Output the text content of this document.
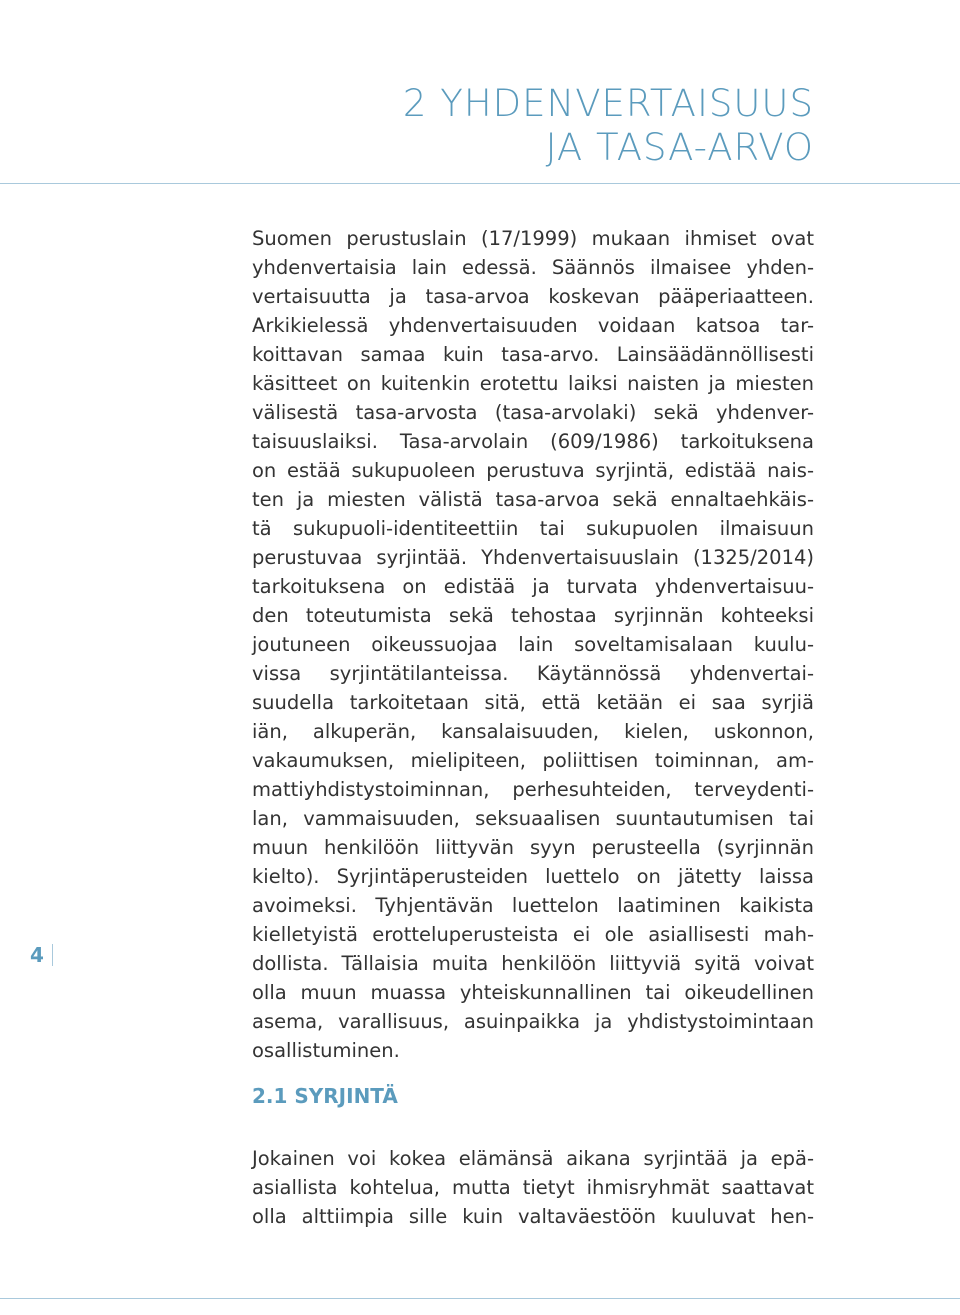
2 YHDENVERTAISUUS
JA TASA-ARVO
Suomen perustuslain (17/1999) mukaan ihmiset ovat
yhdenvertaisia lain edessä. Säännös ilmaisee yhden-
vertaisuutta ja tasa-arvoa koskevan pääperiaatteen.
Arkikielessä yhdenvertaisuuden voidaan katsoa tar-
koittavan samaa kuin tasa-arvo. Lainsäädännöllisesti
käsitteet on kuitenkin erotettu laiksi naisten ja miesten
välisestä tasa-arvosta (tasa-arvolaki) sekä yhdenver-
taisuuslaiksi. Tasa-arvolain (609/1986) tarkoituksena
on estää sukupuoleen perustuva syrjintä, edistää nais-
ten ja miesten välistä tasa-arvoa sekä ennaltaehkäis-
tä sukupuoli-identiteettiin tai sukupuolen ilmaisuun
perustuvaa syrjintää. Yhdenvertaisuuslain (1325/2014)
tarkoituksena on edistää ja turvata yhdenvertaisuu-
den toteutumista sekä tehostaa syrjinnän kohteeksi
joutuneen oikeussuojaa lain soveltamisalaan kuulu-
vissa syrjintätilanteissa. Käytännössä yhdenvertai-
suudella tarkoitetaan sitä, että ketään ei saa syrjiä
iän, alkuperän, kansalaisuuden, kielen, uskonnon,
vakaumuksen, mielipiteen, poliittisen toiminnan, am-
mattiyhdistystoiminnan, perhesuhteiden, terveydenti-
lan, vammaisuuden, seksuaalisen suuntautumisen tai
muun henkilöön liittyvän syyn perusteella (syrjinnän
kielto). Syrjintäperusteiden luettelo on jätetty laissa
avoimeksi. Tyhjentävän luettelon laatiminen kaikista
kielletyistä erotteluperusteista ei ole asiallisesti mah-
dollista. Tällaisia muita henkilöön liittyviä syitä voivat
olla muun muassa yhteiskunnallinen tai oikeudellinen
asema, varallisuus, asuinpaikka ja yhdistystoimintaan
osallistuminen.
4
2.1 SYRJINTÄ
Jokainen voi kokea elämänsä aikana syrjintää ja epä-
asiallista kohtelua, mutta tietyt ihmisryhmät saattavat
olla alttiimpia sille kuin valtaväestöön kuuluvat hen-
